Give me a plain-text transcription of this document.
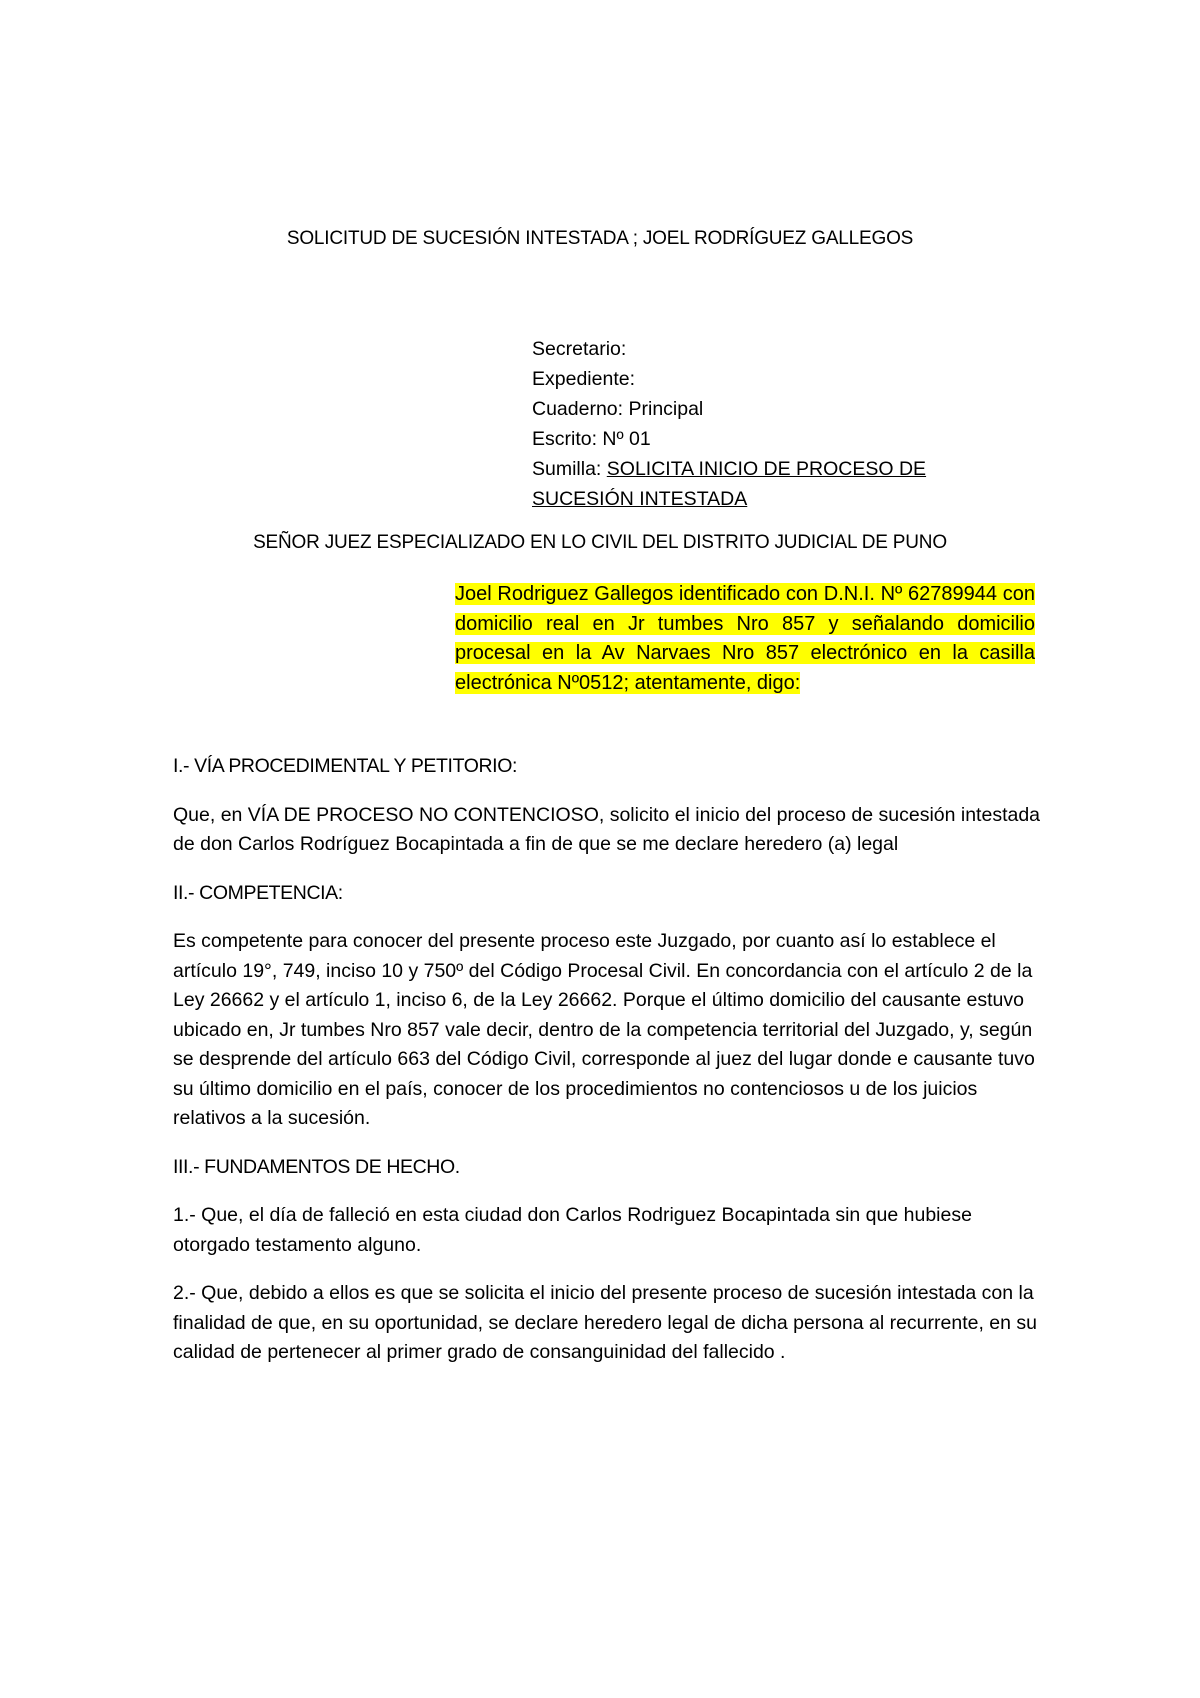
SOLICITUD DE SUCESIÓN INTESTADA ; JOEL RODRÍGUEZ GALLEGOS
Secretario:
Expediente:
Cuaderno: Principal
Escrito: Nº 01
Sumilla: SOLICITA INICIO DE PROCESO DE
SUCESIÓN INTESTADA
SEÑOR JUEZ ESPECIALIZADO EN LO CIVIL DEL DISTRITO JUDICIAL DE PUNO
Joel Rodriguez Gallegos identificado con D.N.I. Nº 62789944 con domicilio real en Jr tumbes Nro 857 y señalando domicilio procesal en la Av Narvaes Nro 857 electrónico en la casilla electrónica Nº0512; atentamente, digo:
I.- VÍA PROCEDIMENTAL Y PETITORIO:

Que, en VÍA DE PROCESO NO CONTENCIOSO, solicito el inicio del proceso de sucesión intestada de don Carlos Rodríguez Bocapintada a fin de que se me declare heredero (a) legal

II.- COMPETENCIA:

Es competente para conocer del presente proceso este Juzgado, por cuanto así lo establece el artículo 19°, 749, inciso 10 y 750º del Código Procesal Civil. En concordancia con el artículo 2 de la Ley 26662 y el artículo 1, inciso 6, de la Ley 26662. Porque el último domicilio del causante estuvo ubicado en, Jr tumbes Nro 857 vale decir, dentro de la competencia territorial del Juzgado, y, según se desprende del artículo 663 del Código Civil, corresponde al juez del lugar donde e causante tuvo su último domicilio en el país, conocer de los procedimientos no contenciosos u de los juicios relativos a la sucesión.

III.- FUNDAMENTOS DE HECHO.

1.- Que, el día de falleció en esta ciudad don Carlos Rodriguez Bocapintada sin que hubiese otorgado testamento alguno.

2.- Que, debido a ellos es que se solicita el inicio del presente proceso de sucesión intestada con la finalidad de que, en su oportunidad, se declare heredero legal de dicha persona al recurrente, en su calidad de pertenecer al primer grado de consanguinidad del fallecido .
